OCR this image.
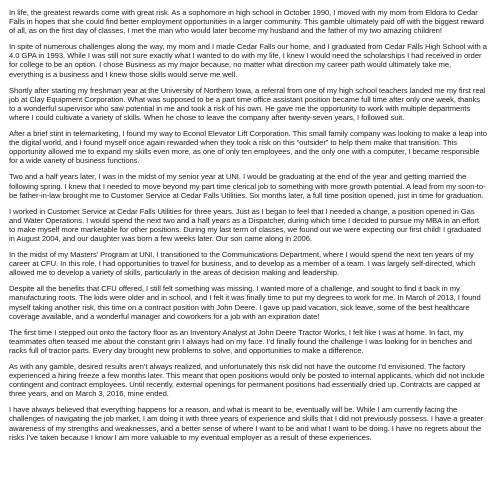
In life, the greatest rewards come with great risk. As a sophomore in high school in October 1990, I moved with my mom from Eldora to Cedar Falls in hopes that she could find better employment opportunities in a larger community. This gamble ultimately paid off with the biggest reward of all, as on the first day of classes, I met the man who would later become my husband and the father of my two amazing children!

In spite of numerous challenges along the way, my mom and I made Cedar Falls our home, and I graduated from Cedar Falls High School with a 4.0 GPA in 1993. While I was still not sure exactly what I wanted to do with my life, I knew I would need the scholarships I had received in order for college to be an option. I chose Business as my major because, no matter what direction my career path would ultimately take me, everything is a business and I knew those skills would serve me well.

Shortly after starting my freshman year at the University of Northern Iowa, a referral from one of my high school teachers landed me my first real job at Clay Equipment Corporation. What was supposed to be a part time office assistant position became full time after only one week, thanks to a wonderful supervisor who saw potential in me and took a risk of his own. He gave me the opportunity to work with multiple departments where I could cultivate a variety of skills. When he chose to leave the company after twenty-seven years, I followed suit.

After a brief stint in telemarketing, I found my way to Econol Elevator Lift Corporation. This small family company was looking to make a leap into the digital world, and I found myself once again rewarded when they took a risk on this “outsider” to help them make that transition. This opportunity allowed me to expand my skills even more, as one of only ten employees, and the only one with a computer, I became responsible for a wide variety of business functions.

Two and a half years later, I was in the midst of my senior year at UNI. I would be graduating at the end of the year and getting married the following spring. I knew that I needed to move beyond my part time clerical job to something with more growth potential. A lead from my soon-to-be father-in-law brought me to Customer Service at Cedar Falls Utilities. Six months later, a full time position opened, just in time for graduation.

I worked in Customer Service at Cedar Falls Utilities for three years. Just as I began to feel that I needed a change, a position opened in Gas and Water Operations. I would spend the next two and a half years as a Dispatcher, during which time I decided to pursue my MBA in an effort to make myself more marketable for other positions. During my last term of classes, we found out we were expecting our first child! I graduated in August 2004, and our daughter was born a few weeks later. Our son came along in 2006.

In the midst of my Masters’ Program at UNI, I transitioned to the Communications Department, where I would spend the next ten years of my career at CFU. In this role, I had opportunities to travel for business, and to develop as a member of a team. I was largely self-directed, which allowed me to develop a variety of skills, particularly in the areas of decision making and leadership.

Despite all the benefits that CFU offered, I still felt something was missing. I wanted more of a challenge, and sought to find it back in my manufacturing roots. The kids were older and in school, and I felt it was finally time to put my degrees to work for me. In March of 2013, I found myself taking another risk, this time on a contract position with John Deere. I gave up paid vacation, sick leave, some of the best healthcare coverage available, and a wonderful manager and coworkers for a job with an expiration date!

The first time I stepped out onto the factory floor as an Inventory Analyst at John Deere Tractor Works, I felt like I was at home. In fact, my teammates often teased me about the constant grin I always had on my face. I’d finally found the challenge I was looking for in benches and racks full of tractor parts. Every day brought new problems to solve, and opportunities to make a difference.

As with any gamble, desired results aren’t always realized, and unfortunately this risk did not have the outcome I’d envisioned. The factory experienced a hiring freeze a few months later. This meant that open positions would only be posted to internal applicants, which did not include contingent and contract employees. Until recently, external openings for permanent positions had essentially dried up. Contracts are capped at three years, and on March 3, 2016, mine ended.

I have always believed that everything happens for a reason, and what is meant to be, eventually will be. While I am currently facing the challenges of navigating the job market, I am doing it with three years of experience and skills that I did not previously possess. I have a greater awareness of my strengths and weaknesses, and a better sense of where I want to be and what I want to be doing. I have no regrets about the risks I’ve taken because I know I am more valuable to my eventual employer as a result of these experiences.
